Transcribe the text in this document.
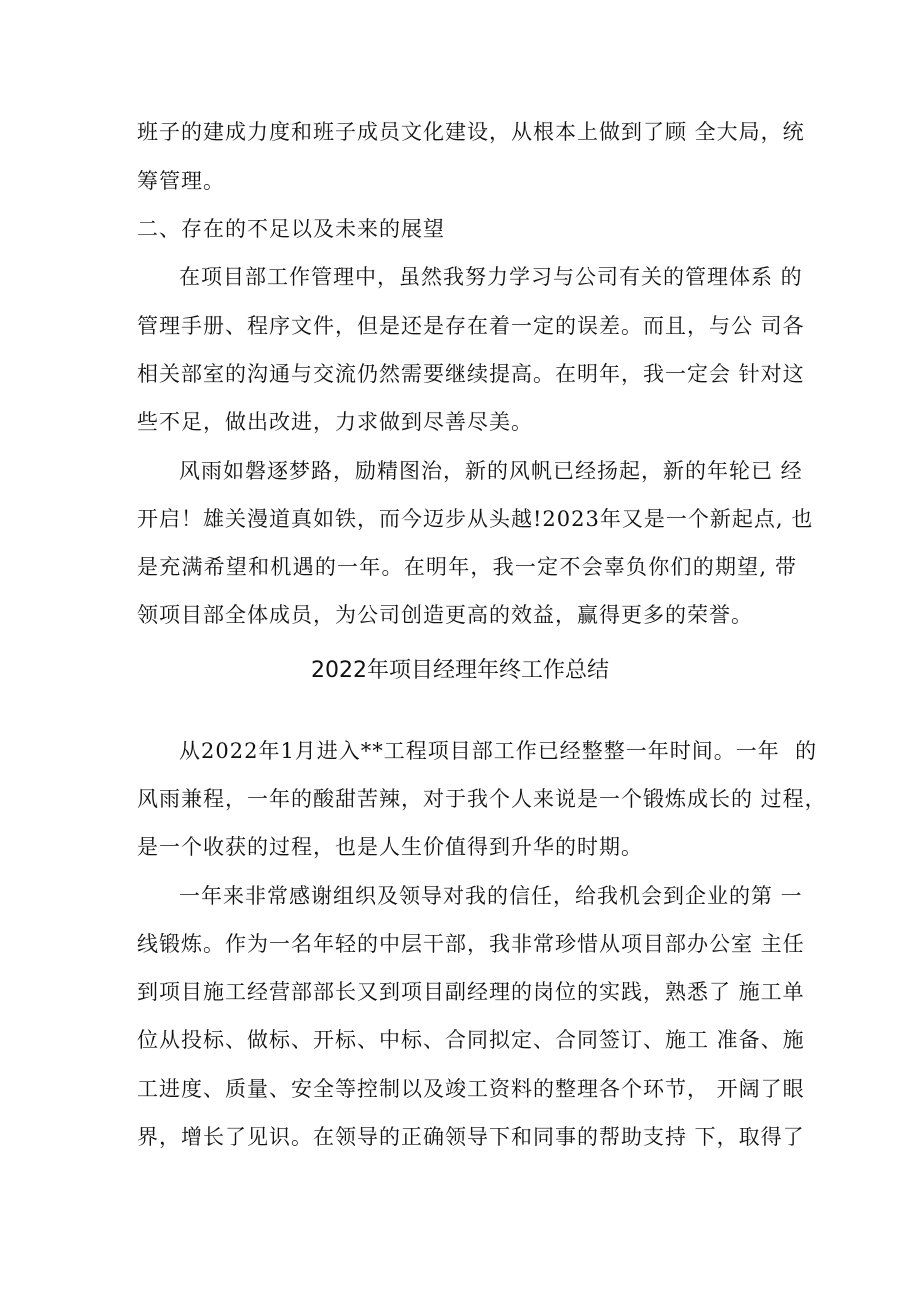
班子的建成力度和班子成员文化建设，从根本上做到了顾 全大局，统
筹管理。
二、存在的不足以及未来的展望
在项目部工作管理中，虽然我努力学习与公司有关的管理体系 的
管理手册、程序文件，但是还是存在着一定的误差。而且，与公 司各
相关部室的沟通与交流仍然需要继续提高。在明年，我一定会 针对这
些不足，做出改进，力求做到尽善尽美。
风雨如磐逐梦路，励精图治，新的风帆已经扬起，新的年轮已 经
开启！雄关漫道真如铁，而今迈步从头越!2023年又是一个新起点, 也
是充满希望和机遇的一年。在明年，我一定不会辜负你们的期望, 带
领项目部全体成员，为公司创造更高的效益，赢得更多的荣誉。
2022年项目经理年终工作总结
从2022年1月进入**工程项目部工作已经整整一年时间。一年  的
风雨兼程，一年的酸甜苦辣，对于我个人来说是一个锻炼成长的 过程，
是一个收获的过程，也是人生价值得到升华的时期。
一年来非常感谢组织及领导对我的信任，给我机会到企业的第 一
线锻炼。作为一名年轻的中层干部，我非常珍惜从项目部办公室 主任
到项目施工经营部部长又到项目副经理的岗位的实践，熟悉了 施工单
位从投标、做标、开标、中标、合同拟定、合同签订、施工 准备、施
工进度、质量、安全等控制以及竣工资料的整理各个环节， 开阔了眼
界，增长了见识。在领导的正确领导下和同事的帮助支持 下，取得了
